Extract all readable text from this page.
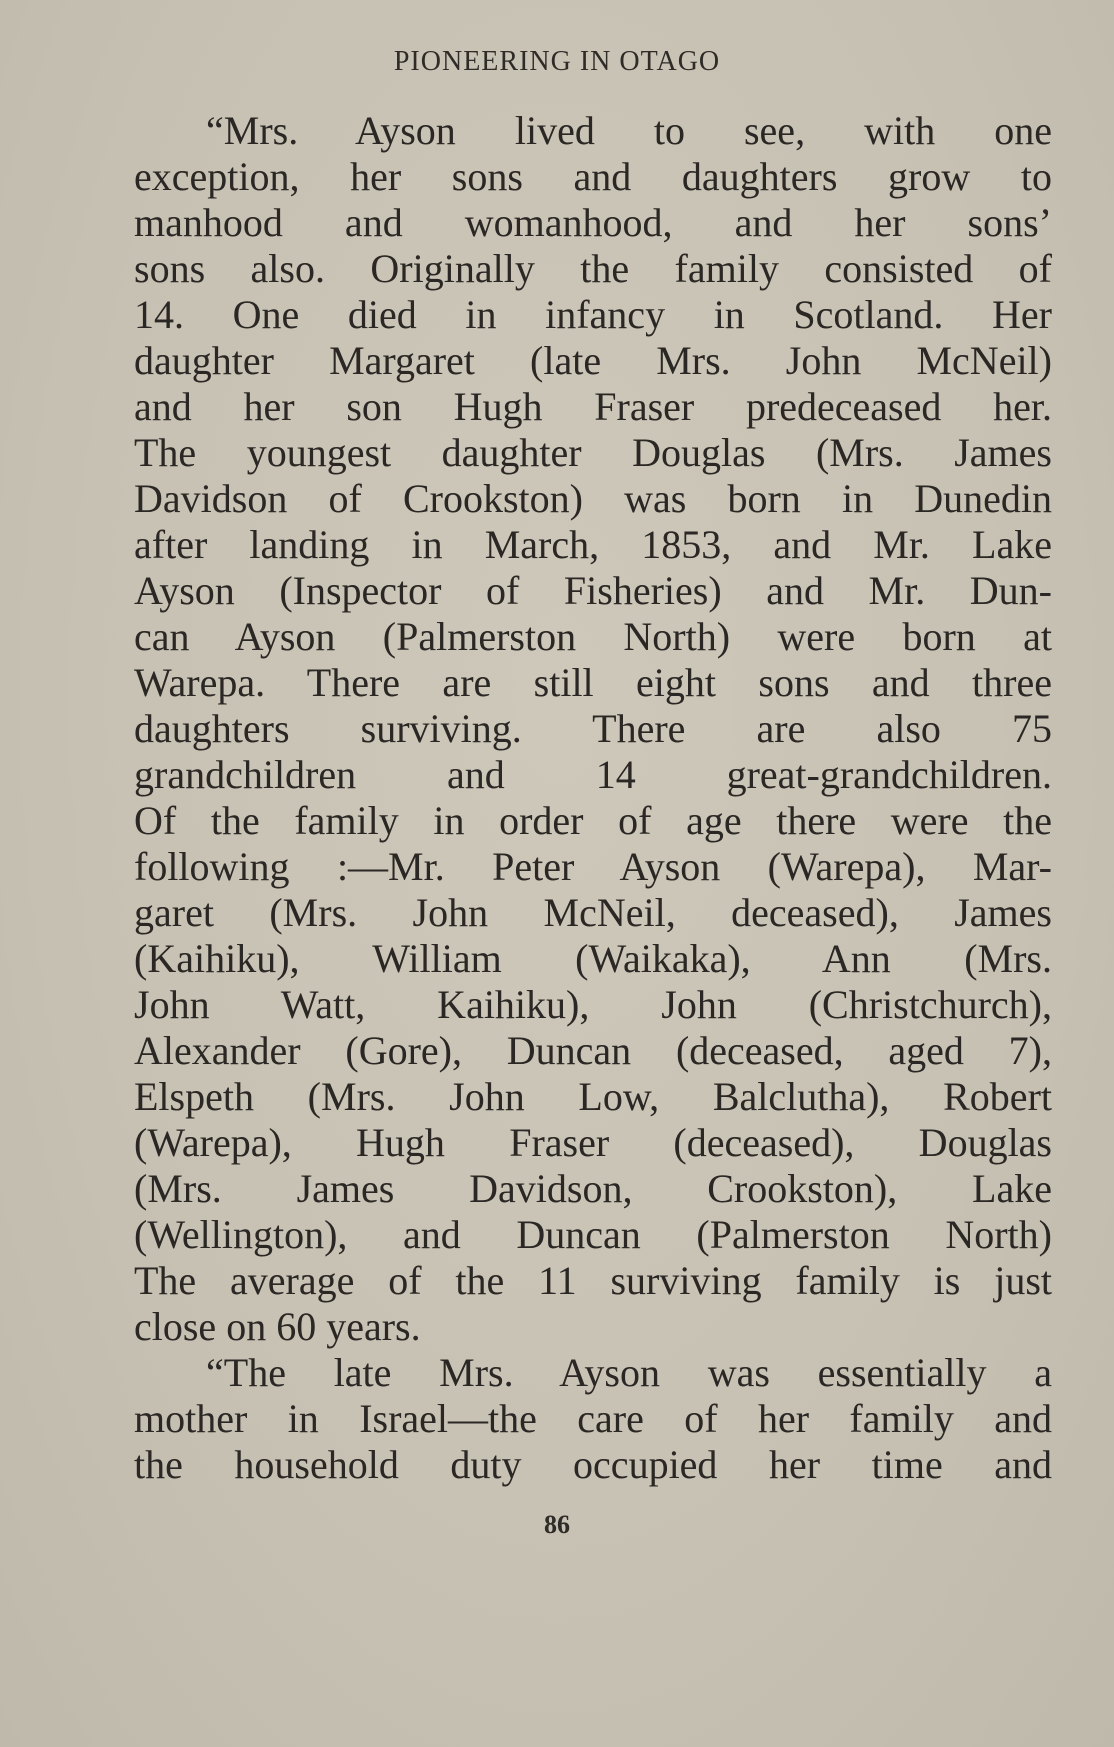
PIONEERING IN OTAGO
“Mrs. Ayson lived to see, with one
exception, her sons and daughters grow to
manhood and womanhood, and her sons’
sons also. Originally the family consisted of
14. One died in infancy in Scotland. Her
daughter Margaret (late Mrs. John McNeil)
and her son Hugh Fraser predeceased her.
The youngest daughter Douglas (Mrs. James
Davidson of Crookston) was born in Dunedin
after landing in March, 1853, and Mr. Lake
Ayson (Inspector of Fisheries) and Mr. Dun-
can Ayson (Palmerston North) were born at
Warepa. There are still eight sons and three
daughters surviving. There are also 75
grandchildren and 14 great-grandchildren.
Of the family in order of age there were the
following :—Mr. Peter Ayson (Warepa), Mar-
garet (Mrs. John McNeil, deceased), James
(Kaihiku), William (Waikaka), Ann (Mrs.
John Watt, Kaihiku), John (Christchurch),
Alexander (Gore), Duncan (deceased, aged 7),
Elspeth (Mrs. John Low, Balclutha), Robert
(Warepa), Hugh Fraser (deceased), Douglas
(Mrs. James Davidson, Crookston), Lake
(Wellington), and Duncan (Palmerston North)
The average of the 11 surviving family is just
close on 60 years.
“The late Mrs. Ayson was essentially a
mother in Israel—the care of her family and
the household duty occupied her time and
86
